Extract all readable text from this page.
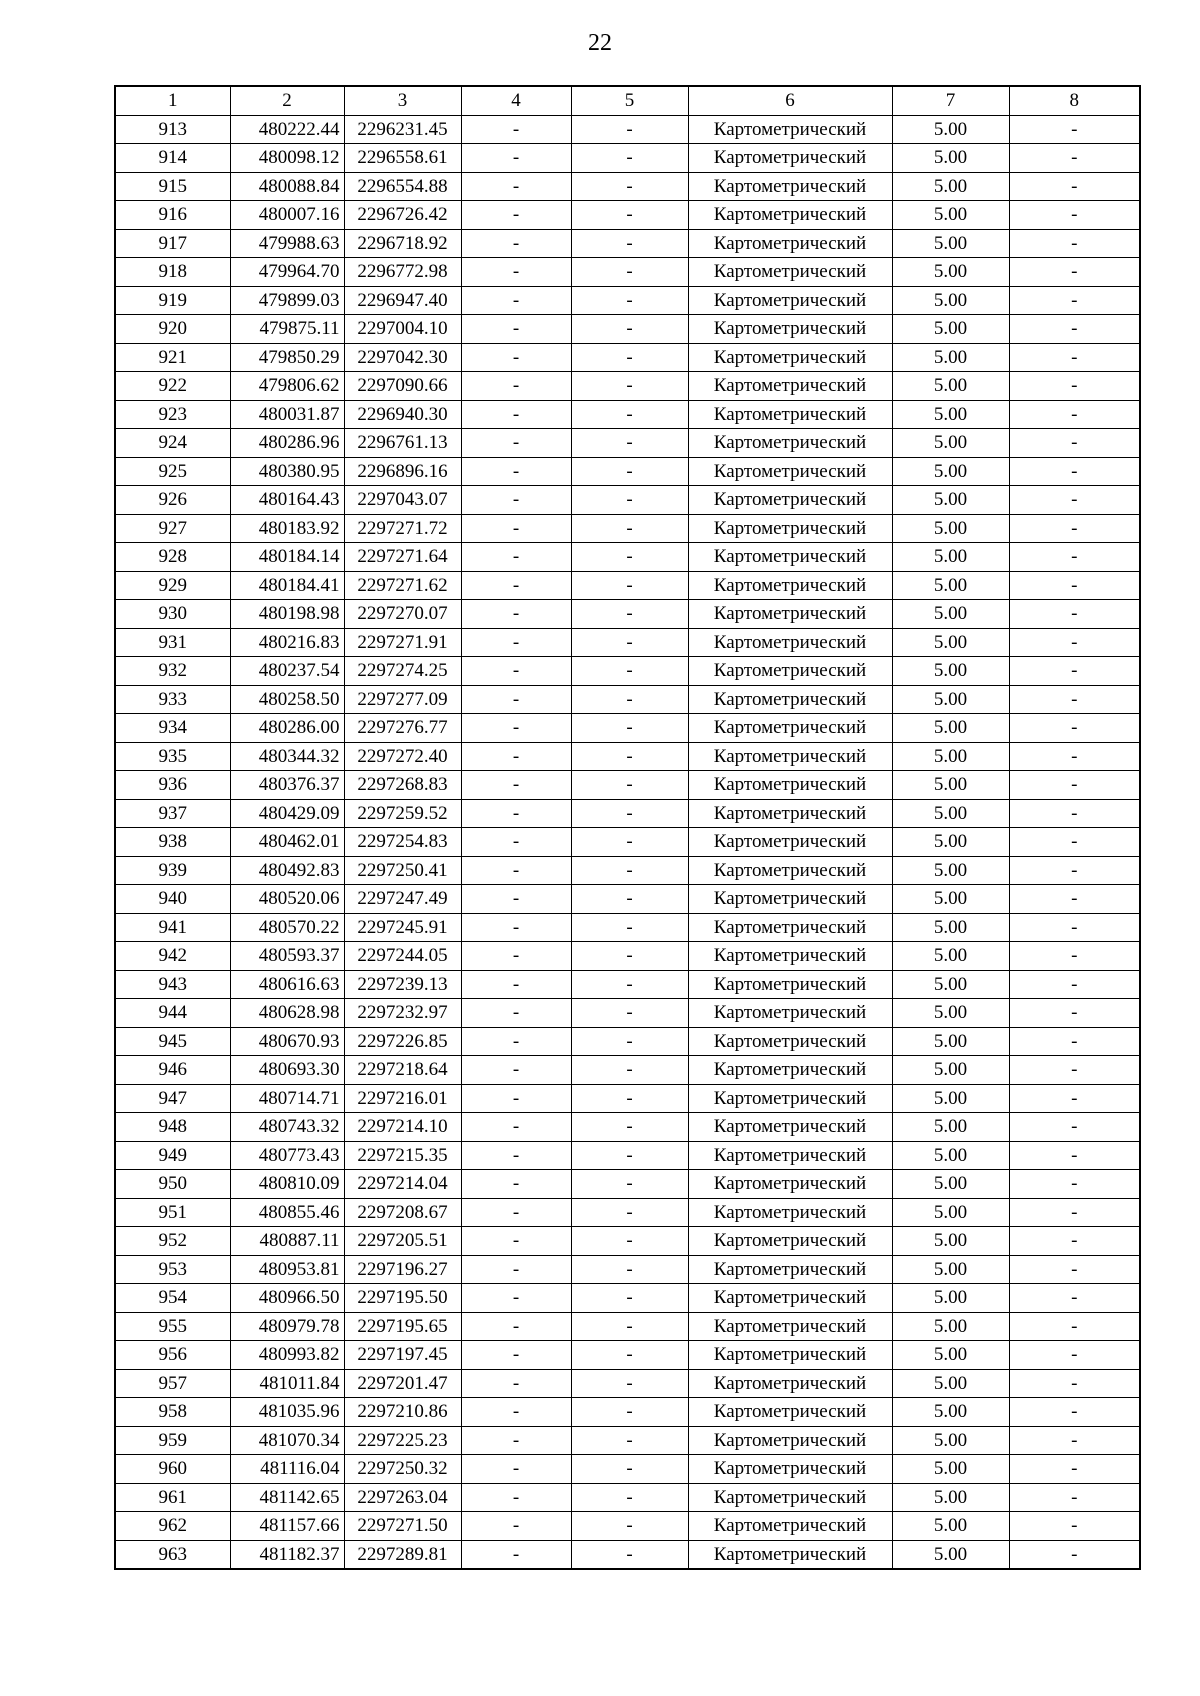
22
1	2	3	4	5	6	7	8
913	480222.44	2296231.45	-	-	Картометрический	5.00	-
914	480098.12	2296558.61	-	-	Картометрический	5.00	-
915	480088.84	2296554.88	-	-	Картометрический	5.00	-
916	480007.16	2296726.42	-	-	Картометрический	5.00	-
917	479988.63	2296718.92	-	-	Картометрический	5.00	-
918	479964.70	2296772.98	-	-	Картометрический	5.00	-
919	479899.03	2296947.40	-	-	Картометрический	5.00	-
920	479875.11	2297004.10	-	-	Картометрический	5.00	-
921	479850.29	2297042.30	-	-	Картометрический	5.00	-
922	479806.62	2297090.66	-	-	Картометрический	5.00	-
923	480031.87	2296940.30	-	-	Картометрический	5.00	-
924	480286.96	2296761.13	-	-	Картометрический	5.00	-
925	480380.95	2296896.16	-	-	Картометрический	5.00	-
926	480164.43	2297043.07	-	-	Картометрический	5.00	-
927	480183.92	2297271.72	-	-	Картометрический	5.00	-
928	480184.14	2297271.64	-	-	Картометрический	5.00	-
929	480184.41	2297271.62	-	-	Картометрический	5.00	-
930	480198.98	2297270.07	-	-	Картометрический	5.00	-
931	480216.83	2297271.91	-	-	Картометрический	5.00	-
932	480237.54	2297274.25	-	-	Картометрический	5.00	-
933	480258.50	2297277.09	-	-	Картометрический	5.00	-
934	480286.00	2297276.77	-	-	Картометрический	5.00	-
935	480344.32	2297272.40	-	-	Картометрический	5.00	-
936	480376.37	2297268.83	-	-	Картометрический	5.00	-
937	480429.09	2297259.52	-	-	Картометрический	5.00	-
938	480462.01	2297254.83	-	-	Картометрический	5.00	-
939	480492.83	2297250.41	-	-	Картометрический	5.00	-
940	480520.06	2297247.49	-	-	Картометрический	5.00	-
941	480570.22	2297245.91	-	-	Картометрический	5.00	-
942	480593.37	2297244.05	-	-	Картометрический	5.00	-
943	480616.63	2297239.13	-	-	Картометрический	5.00	-
944	480628.98	2297232.97	-	-	Картометрический	5.00	-
945	480670.93	2297226.85	-	-	Картометрический	5.00	-
946	480693.30	2297218.64	-	-	Картометрический	5.00	-
947	480714.71	2297216.01	-	-	Картометрический	5.00	-
948	480743.32	2297214.10	-	-	Картометрический	5.00	-
949	480773.43	2297215.35	-	-	Картометрический	5.00	-
950	480810.09	2297214.04	-	-	Картометрический	5.00	-
951	480855.46	2297208.67	-	-	Картометрический	5.00	-
952	480887.11	2297205.51	-	-	Картометрический	5.00	-
953	480953.81	2297196.27	-	-	Картометрический	5.00	-
954	480966.50	2297195.50	-	-	Картометрический	5.00	-
955	480979.78	2297195.65	-	-	Картометрический	5.00	-
956	480993.82	2297197.45	-	-	Картометрический	5.00	-
957	481011.84	2297201.47	-	-	Картометрический	5.00	-
958	481035.96	2297210.86	-	-	Картометрический	5.00	-
959	481070.34	2297225.23	-	-	Картометрический	5.00	-
960	481116.04	2297250.32	-	-	Картометрический	5.00	-
961	481142.65	2297263.04	-	-	Картометрический	5.00	-
962	481157.66	2297271.50	-	-	Картометрический	5.00	-
963	481182.37	2297289.81	-	-	Картометрический	5.00	-
